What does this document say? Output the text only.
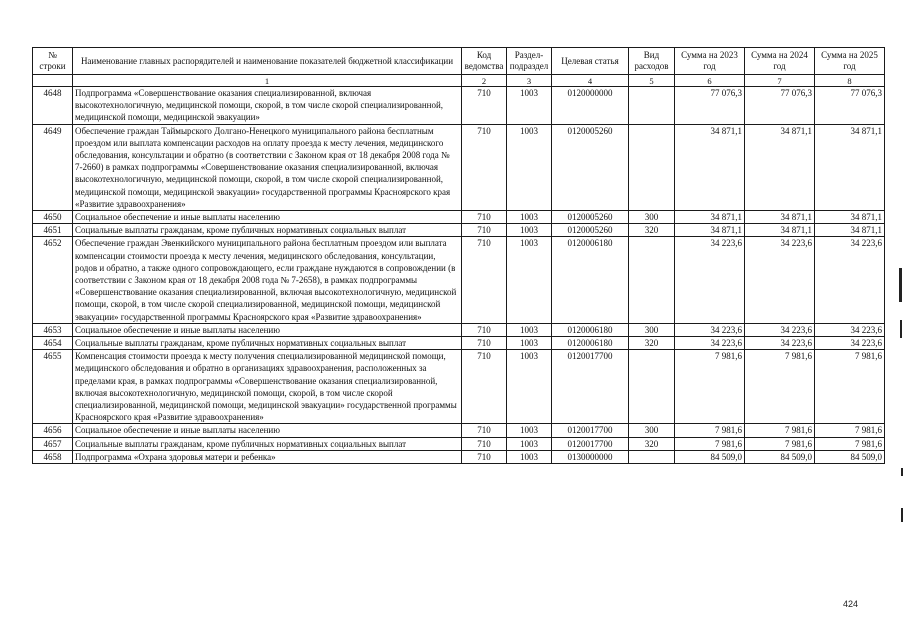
№ строки	Наименование главных распорядителей и наименование показателей бюджетной классификации	Код ведомства	Раздел-подраздел	Целевая статья	Вид расходов	Сумма на 2023 год	Сумма на 2024 год	Сумма на 2025 год
	1	2	3	4	5	6	7	8
4648	Подпрограмма «Совершенствование оказания специализированной, включая высокотехнологичную, медицинской помощи, скорой, в том числе скорой специализированной, медицинской помощи, медицинской эвакуации»	710	1003	0120000000		77 076,3	77 076,3	77 076,3
4649	Обеспечение граждан Таймырского Долгано-Ненецкого муниципального района бесплатным проездом или выплата компенсации расходов на оплату проезда к месту лечения, медицинского обследования, консультации и обратно (в соответствии с Законом края от 18 декабря 2008 года № 7-2660) в рамках подпрограммы «Совершенствование оказания специализированной, включая высокотехнологичную, медицинской помощи, скорой, в том числе скорой специализированной, медицинской помощи, медицинской эвакуации» государственной программы Красноярского края «Развитие здравоохранения»	710	1003	0120005260		34 871,1	34 871,1	34 871,1
4650	Социальное обеспечение и иные выплаты населению	710	1003	0120005260	300	34 871,1	34 871,1	34 871,1
4651	Социальные выплаты гражданам, кроме публичных нормативных социальных выплат	710	1003	0120005260	320	34 871,1	34 871,1	34 871,1
4652	Обеспечение граждан Эвенкийского муниципального района бесплатным проездом или выплата компенсации стоимости проезда к месту лечения, медицинского обследования, консультации, родов и обратно, а также одного сопровождающего, если граждане нуждаются в сопровождении (в соответствии с Законом края от 18 декабря 2008 года № 7-2658), в рамках подпрограммы «Совершенствование оказания специализированной, включая высокотехнологичную, медицинской помощи, скорой, в том числе скорой специализированной, медицинской помощи, медицинской эвакуации» государственной программы Красноярского края «Развитие здравоохранения»	710	1003	0120006180		34 223,6	34 223,6	34 223,6
4653	Социальное обеспечение и иные выплаты населению	710	1003	0120006180	300	34 223,6	34 223,6	34 223,6
4654	Социальные выплаты гражданам, кроме публичных нормативных социальных выплат	710	1003	0120006180	320	34 223,6	34 223,6	34 223,6
4655	Компенсация стоимости проезда к месту получения специализированной медицинской помощи, медицинского обследования и обратно в организациях здравоохранения, расположенных за пределами края, в рамках подпрограммы «Совершенствование оказания специализированной, включая высокотехнологичную, медицинской помощи, скорой, в том числе скорой специализированной, медицинской помощи, медицинской эвакуации» государственной программы Красноярского края «Развитие здравоохранения»	710	1003	0120017700		7 981,6	7 981,6	7 981,6
4656	Социальное обеспечение и иные выплаты населению	710	1003	0120017700	300	7 981,6	7 981,6	7 981,6
4657	Социальные выплаты гражданам, кроме публичных нормативных социальных выплат	710	1003	0120017700	320	7 981,6	7 981,6	7 981,6
4658	Подпрограмма «Охрана здоровья матери и ребенка»	710	1003	0130000000		84 509,0	84 509,0	84 509,0
424
